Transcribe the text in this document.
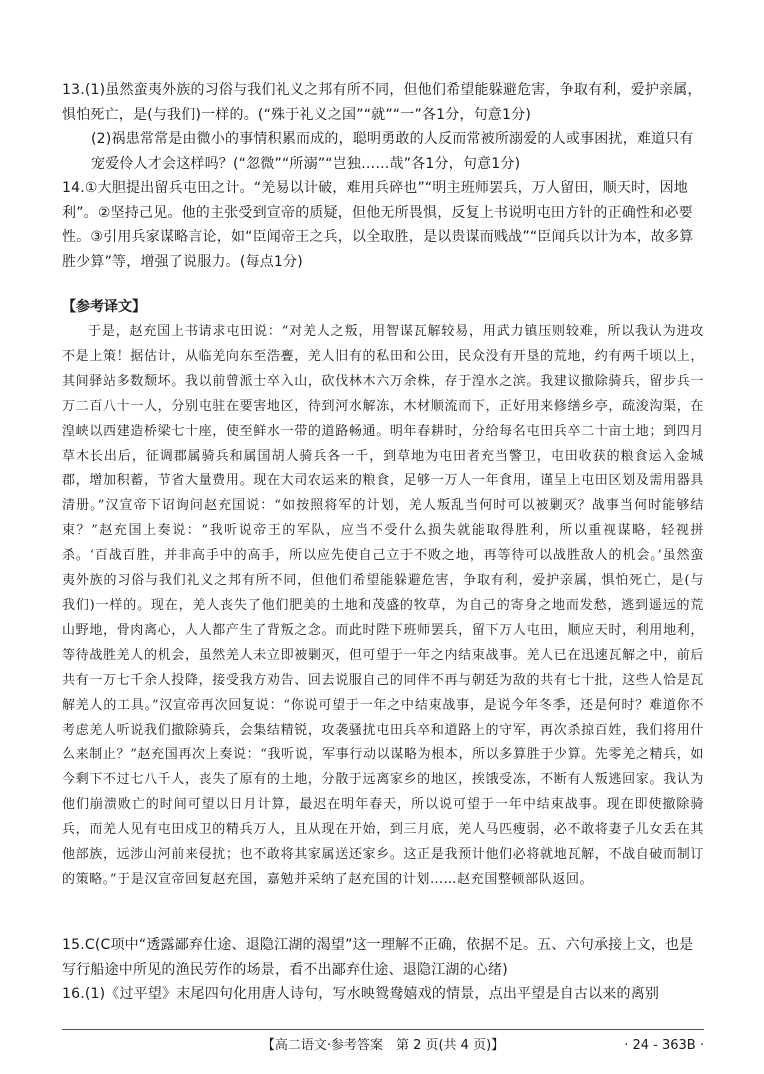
13.(1)虽然蛮夷外族的习俗与我们礼义之邦有所不同，但他们希望能躲避危害，争取有利，爱护亲属，惧怕死亡，是(与我们)一样的。(“殊于礼义之国”“就”“一”各1分，句意1分)
(2)祸患常常是由微小的事情积累而成的，聪明勇敢的人反而常被所溺爱的人或事困扰，难道只有宠爱伶人才会这样吗？(“忽微”“所溺”“岂独……哉”各1分，句意1分)
14.①大胆提出留兵屯田之计。“羌易以计破，难用兵碎也”“明主班师罢兵，万人留田，顺天时，因地利”。②坚持己见。他的主张受到宣帝的质疑，但他无所畏惧，反复上书说明屯田方针的正确性和必要性。③引用兵家谋略言论，如“臣闻帝王之兵，以全取胜，是以贵谋而贱战”“臣闻兵以计为本，故多算胜少算”等，增强了说服力。(每点1分)
【参考译文】

于是，赵充国上书请求屯田说：“对羌人之叛，用智谋瓦解较易，用武力镇压则较难，所以我认为进攻不是上策！据估计，从临羌向东至浩亹，羌人旧有的私田和公田，民众没有开垦的荒地，约有两千顷以上，其间驿站多数颓坏。我以前曾派士卒入山，砍伐林木六万余株，存于湟水之滨。我建议撤除骑兵，留步兵一万二百八十一人，分别屯驻在要害地区，待到河水解冻，木材顺流而下，正好用来修缮乡亭，疏浚沟渠，在湟峡以西建造桥梁七十座，使至鲜水一带的道路畅通。明年春耕时，分给每名屯田兵卒二十亩土地；到四月草木长出后，征调郡属骑兵和属国胡人骑兵各一千，到草地为屯田者充当警卫，屯田收获的粮食运入金城郡，增加积蓄，节省大量费用。现在大司农运来的粮食，足够一万人一年食用，谨呈上屯田区划及需用器具清册。”汉宣帝下诏询问赵充国说：“如按照将军的计划，羌人叛乱当何时可以被剿灭？战事当何时能够结束？”赵充国上奏说：“我听说帝王的军队，应当不受什么损失就能取得胜利，所以重视谋略，轻视拼杀。‘百战百胜，并非高手中的高手，所以应先使自己立于不败之地，再等待可以战胜敌人的机会。’虽然蛮夷外族的习俗与我们礼义之邦有所不同，但他们希望能躲避危害，争取有利，爱护亲属，惧怕死亡，是(与我们)一样的。现在，羌人丧失了他们肥美的土地和茂盛的牧草，为自己的寄身之地而发愁，逃到遥远的荒山野地，骨肉离心，人人都产生了背叛之念。而此时陛下班师罢兵，留下万人屯田，顺应天时，利用地利，等待战胜羌人的机会，虽然羌人未立即被剿灭，但可望于一年之内结束战事。羌人已在迅速瓦解之中，前后共有一万七千余人投降，接受我方劝告、回去说服自己的同伴不再与朝廷为敌的共有七十批，这些人恰是瓦解羌人的工具。”汉宣帝再次回复说：“你说可望于一年之中结束战事，是说今年冬季，还是何时？难道你不考虑羌人听说我们撤除骑兵，会集结精锐，攻袭骚扰屯田兵卒和道路上的守军，再次杀掠百姓，我们将用什么来制止？”赵充国再次上奏说：“我听说，军事行动以谋略为根本，所以多算胜于少算。先零羌之精兵，如今剩下不过七八千人，丧失了原有的土地，分散于远离家乡的地区，挨饿受冻，不断有人叛逃回家。我认为他们崩溃败亡的时间可望以日月计算，最迟在明年春天，所以说可望于一年中结束战事。现在即使撤除骑兵，而羌人见有屯田戍卫的精兵万人，且从现在开始，到三月底，羌人马匹瘦弱，必不敢将妻子儿女丢在其他部族，远涉山河前来侵扰；也不敢将其家属送还家乡。这正是我预计他们必将就地瓦解，不战自破而制订的策略。”于是汉宣帝回复赵充国，嘉勉并采纳了赵充国的计划……赵充国整顿部队返回。

15.C(C项中“透露鄙弃仕途、退隐江湖的渴望”这一理解不正确，依据不足。五、六句承接上文，也是写行船途中所见的渔民劳作的场景，看不出鄙弃仕途、退隐江湖的心绪)
16.(1)《过平望》末尾四句化用唐人诗句，写水映鸳鸯嬉戏的情景，点出平望是自古以来的离别
【高二语文·参考答案　第 2 页(共 4 页)】	· 24 - 363B ·
